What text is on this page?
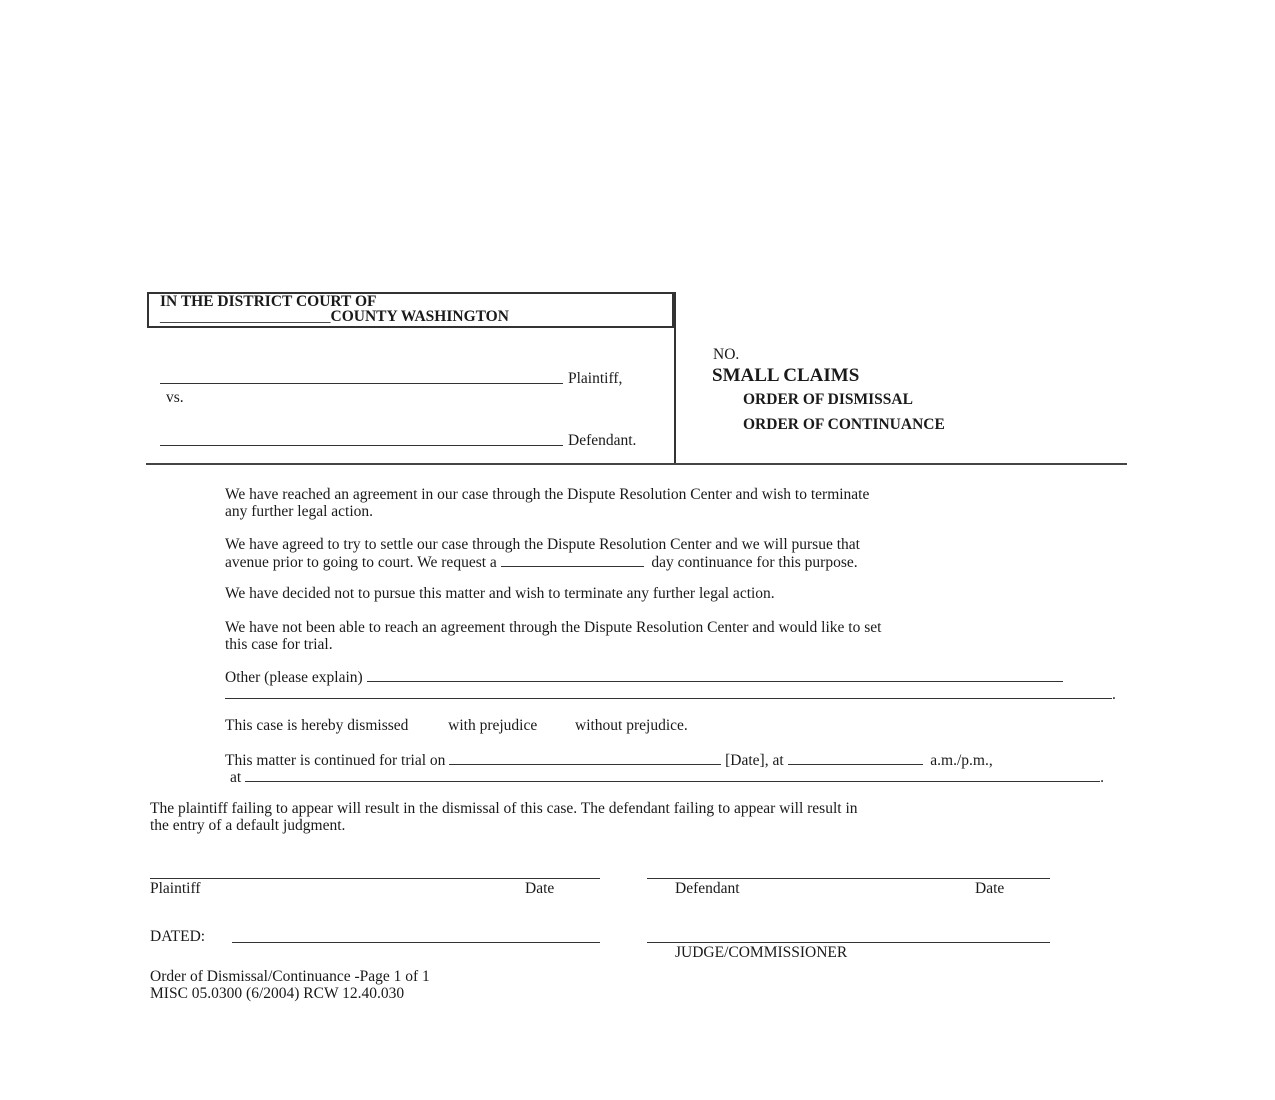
IN THE DISTRICT COURT OF
______________________COUNTY WASHINGTON
Plaintiff,
vs.
Defendant.
NO.
SMALL CLAIMS
ORDER OF DISMISSAL
ORDER OF CONTINUANCE
We have reached an agreement in our case through the Dispute Resolution Center and wish to terminate
any further legal action.
We have agreed to try to settle our case through the Dispute Resolution Center and we will pursue that
avenue prior to going to court. We request a	day continuance for this purpose.
We have decided not to pursue this matter and wish to terminate any further legal action.
We have not been able to reach an agreement through the Dispute Resolution Center and would like to set
this case for trial.
Other (please explain)
.
This case is hereby dismissed	with prejudice without prejudice.
This matter is continued for trial on	[Date], at	a.m./p.m.,
at	.
The plaintiff failing to appear will result in the dismissal of this case. The defendant failing to appear will result in
the entry of a default judgment.
Plaintiff	Date	Defendant	Date
DATED:
JUDGE/COMMISSIONER
Order of Dismissal/Continuance -Page 1 of 1
MISC 05.0300 (6/2004) RCW 12.40.030
